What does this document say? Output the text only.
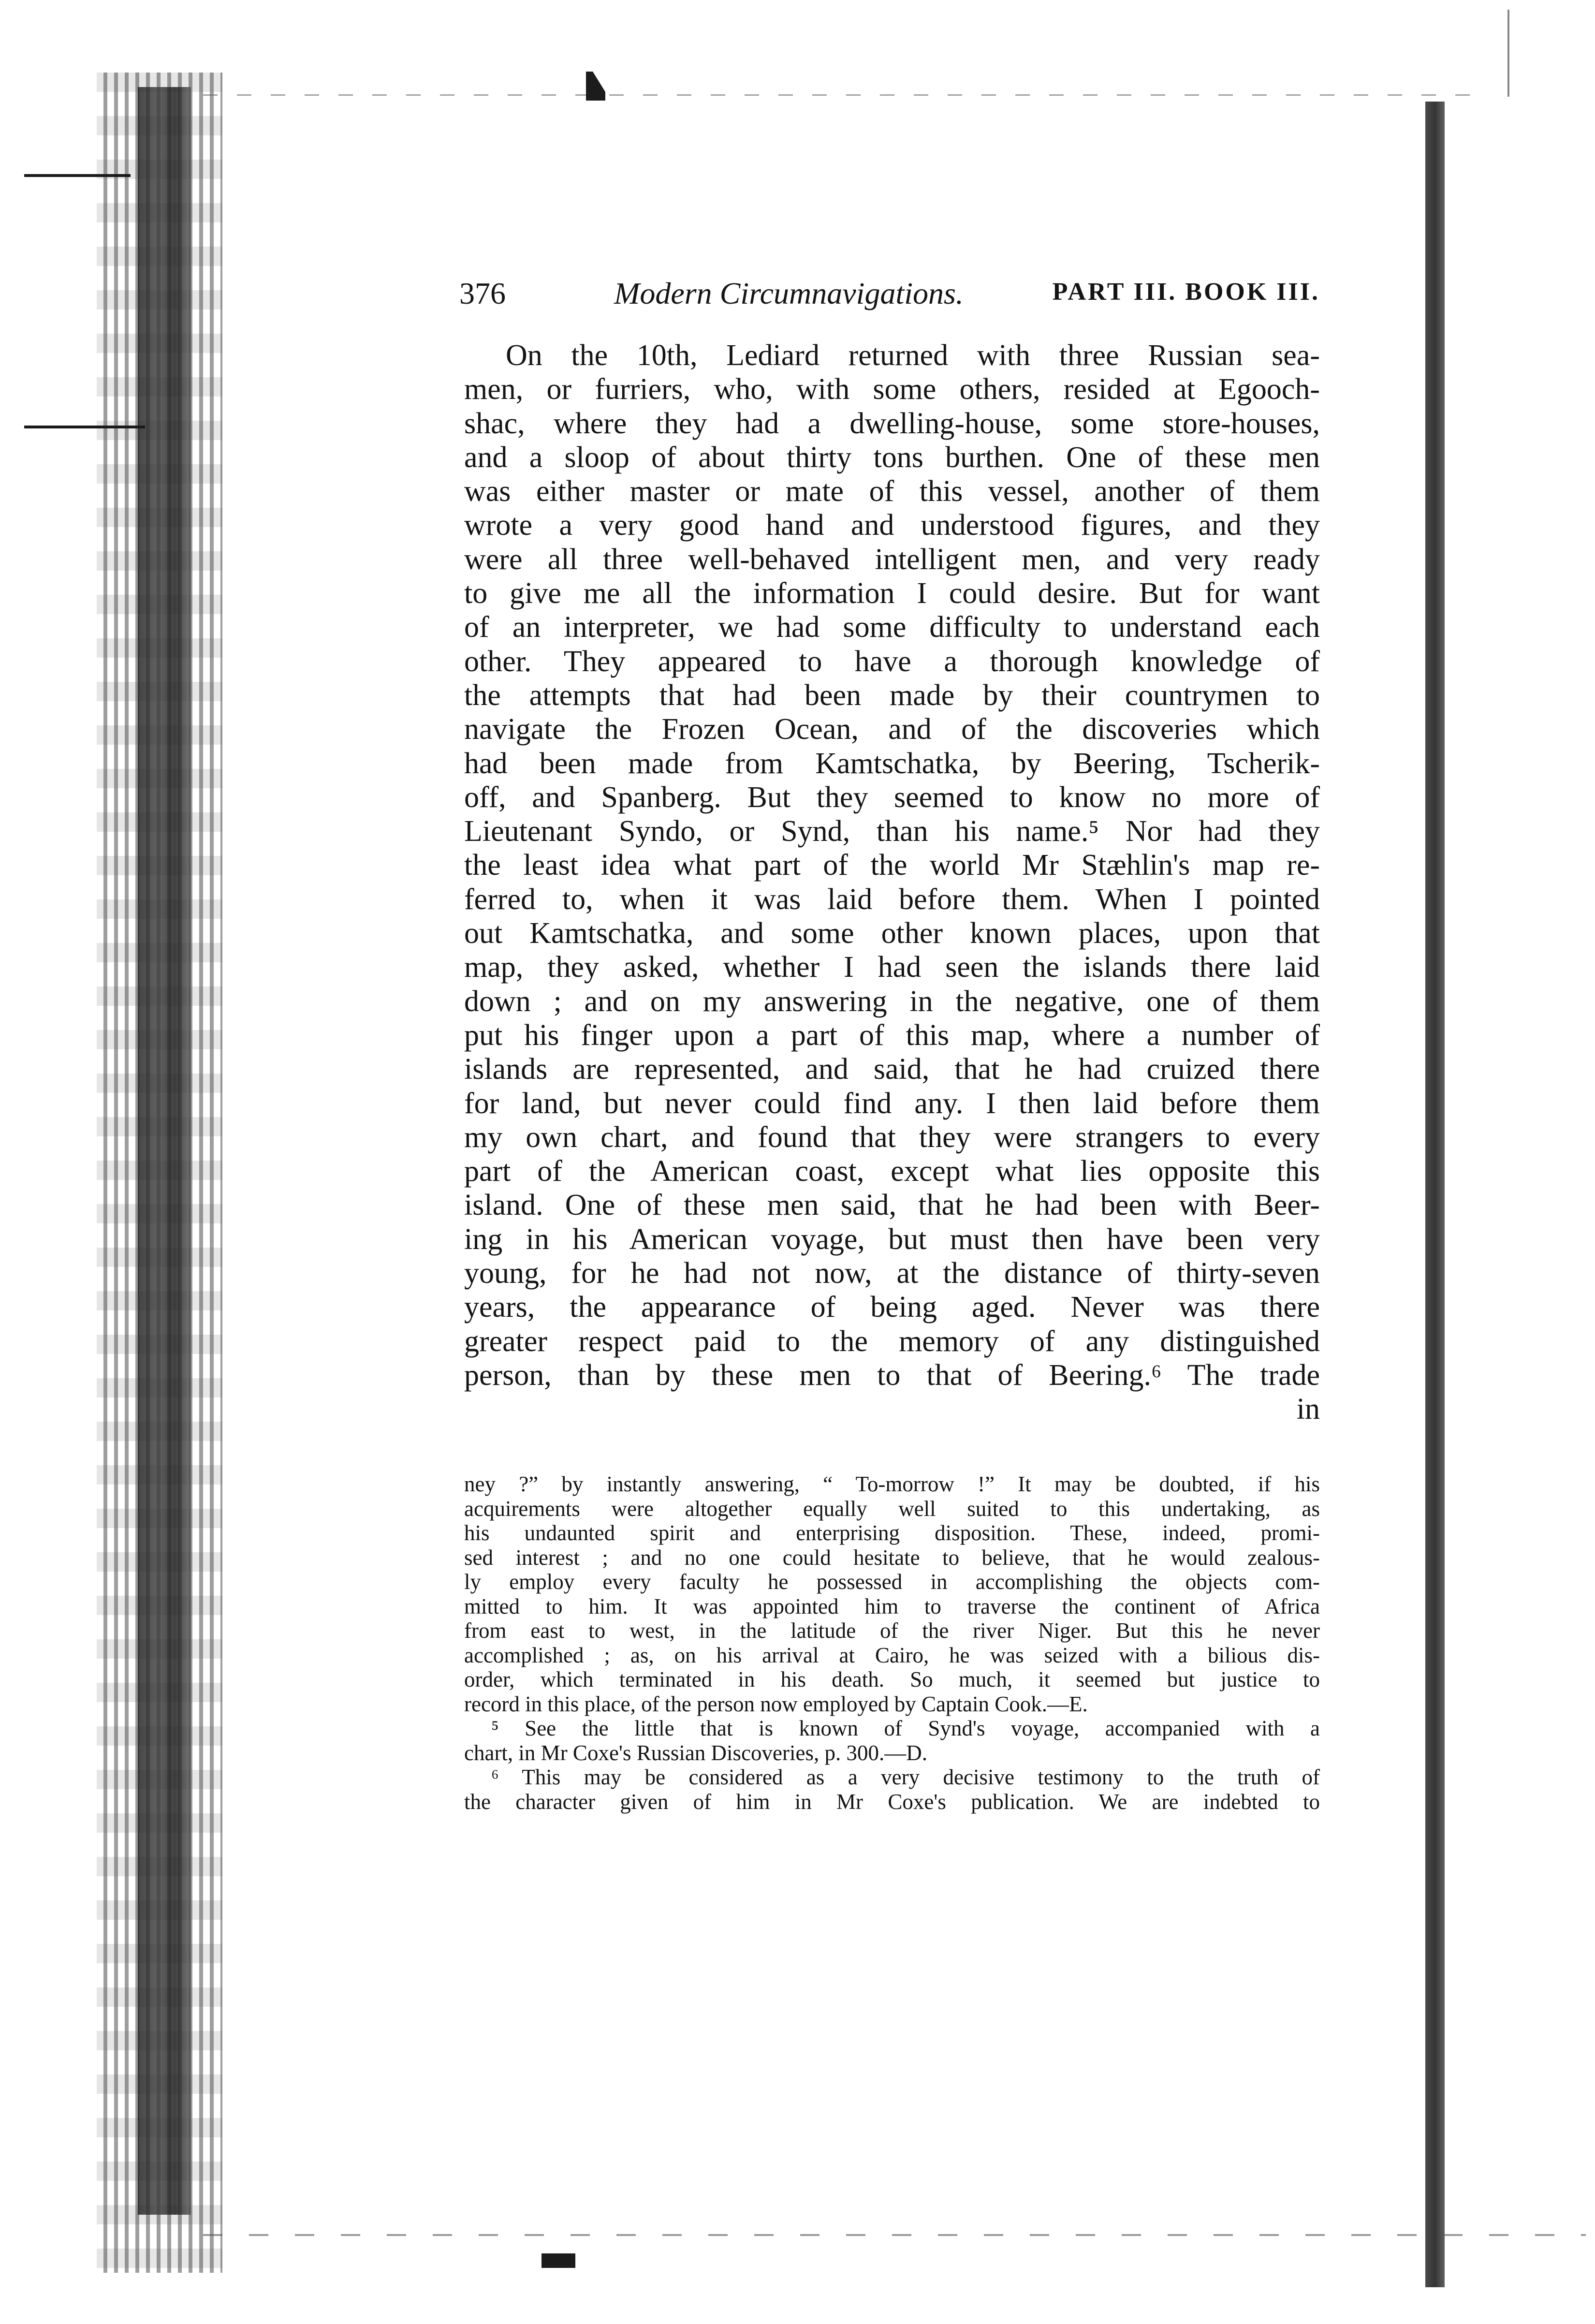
376	Modern Circumnavigations.	PART III. BOOK III.
On the 10th, Lediard returned with three Russian sea-
men, or furriers, who, with some others, resided at Egooch-
shac, where they had a dwelling-house, some store-houses,
and a sloop of about thirty tons burthen. One of these men
was either master or mate of this vessel, another of them
wrote a very good hand and understood figures, and they
were all three well-behaved intelligent men, and very ready
to give me all the information I could desire. But for want
of an interpreter, we had some difficulty to understand each
other. They appeared to have a thorough knowledge of
the attempts that had been made by their countrymen to
navigate the Frozen Ocean, and of the discoveries which
had been made from Kamtschatka, by Beering, Tscherik-
off, and Spanberg. But they seemed to know no more of
Lieutenant Syndo, or Synd, than his name.⁵ Nor had they
the least idea what part of the world Mr Stæhlin's map re-
ferred to, when it was laid before them. When I pointed
out Kamtschatka, and some other known places, upon that
map, they asked, whether I had seen the islands there laid
down ; and on my answering in the negative, one of them
put his finger upon a part of this map, where a number of
islands are represented, and said, that he had cruized there
for land, but never could find any. I then laid before them
my own chart, and found that they were strangers to every
part of the American coast, except what lies opposite this
island. One of these men said, that he had been with Beer-
ing in his American voyage, but must then have been very
young, for he had not now, at the distance of thirty-seven
years, the appearance of being aged. Never was there
greater respect paid to the memory of any distinguished
person, than by these men to that of Beering.⁶ The trade
in
ney ?” by instantly answering, “ To-morrow !” It may be doubted, if his
acquirements were altogether equally well suited to this undertaking, as
his undaunted spirit and enterprising disposition. These, indeed, promi-
sed interest ; and no one could hesitate to believe, that he would zealous-
ly employ every faculty he possessed in accomplishing the objects com-
mitted to him. It was appointed him to traverse the continent of Africa
from east to west, in the latitude of the river Niger. But this he never
accomplished ; as, on his arrival at Cairo, he was seized with a bilious dis-
order, which terminated in his death. So much, it seemed but justice to
record in this place, of the person now employed by Captain Cook.—E.
⁵ See the little that is known of Synd's voyage, accompanied with a
chart, in Mr Coxe's Russian Discoveries, p. 300.—D.
⁶ This may be considered as a very decisive testimony to the truth of
the character given of him in Mr Coxe's publication. We are indebted to
